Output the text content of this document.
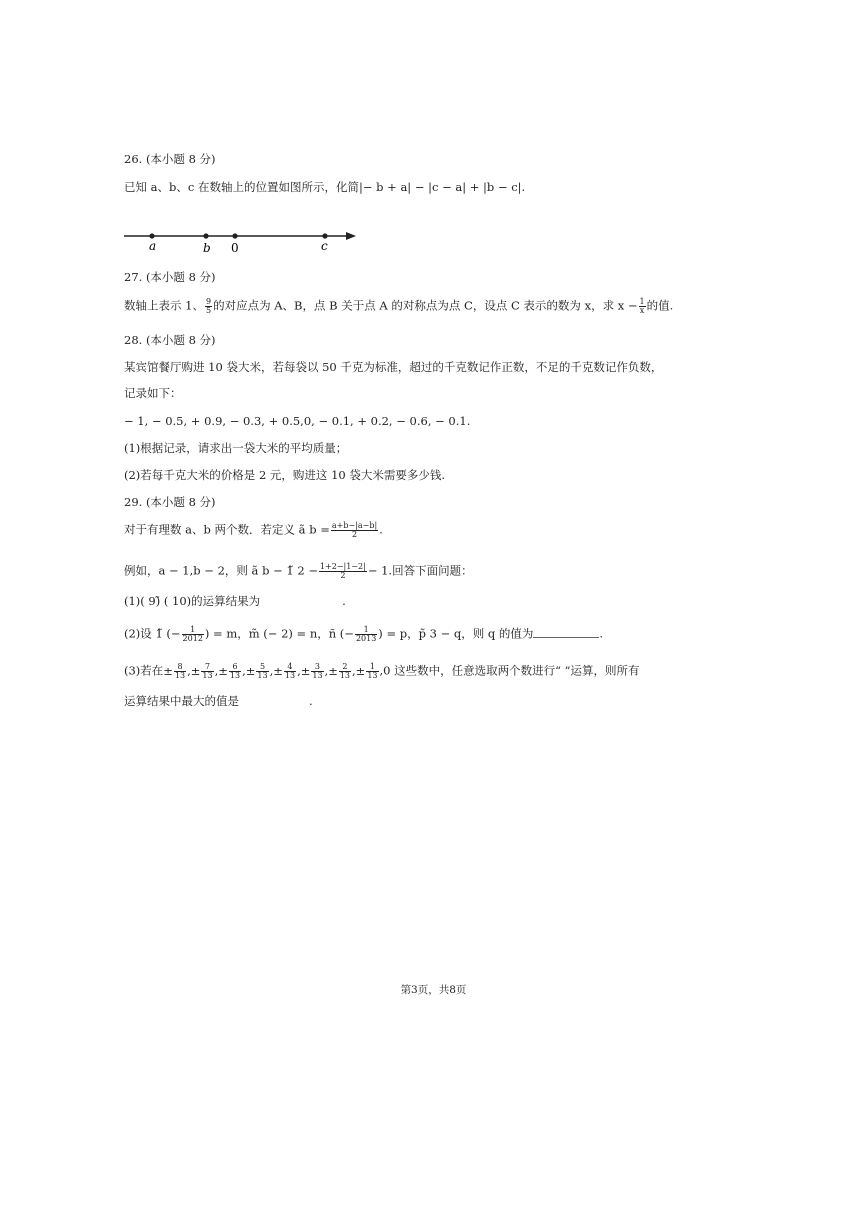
26. (本小题 8 分)
已知 a、b、c 在数轴上的位置如图所示，化简|− b + a| − |c − a| + |b − c|.
a	b 0	c
27. (本小题 8 分)
数轴上表示 1、 $\frac{9}{5}$ 的对应点为 A、B，点 B 关于点 A 的对称点为点 C，设点 C 表示的数为 x，求 $x - \frac{1}{x}$ 的值.
28. (本小题 8 分)
某宾馆餐厅购进 10 袋大米，若每袋以 50 千克为标准，超过的千克数记作正数，不足的千克数记作负数，
记录如下：
− 1, − 0.5, + 0.9, − 0.3, + 0.5,0, − 0.1, + 0.2, − 0.6, − 0.1.
(1)根据记录，请求出一袋大米的平均质量；
(2)若每千克大米的价格是 2 元，购进这 10 袋大米需要多少钱.
29. (本小题 8 分)
对于有理数 a、b 两个数．若定义 ã $b = \frac{a+b-|a-b|}{2}$ .
例如，a − 1,b − 2，则 ã b − 1̃ $2 - \frac{1+2-|1-2|}{2} - 1$.回答下面问题：
(1)( 9)̃ ( 10)的运算结果为	.
(2)设 1̃ (− $\frac{1}{2012}$ ) = m，m̃ (− 2) = n，ñ (− $\frac{1}{2013}$ ) = p，p̃ 3 − q，则 q 的值为	.
(3)若在± $\frac{8}{13}$ ,± $\frac{7}{13}$ ,± $\frac{6}{13}$ ,± $\frac{5}{13}$ ,± $\frac{4}{13}$ ,± $\frac{3}{13}$ ,± $\frac{2}{13}$ ,± $\frac{1}{13} ,0$ 这些数中，任意选取两个数进行“ ”运算，则所有
运算结果中最大的值是	.
第3页，共8页
